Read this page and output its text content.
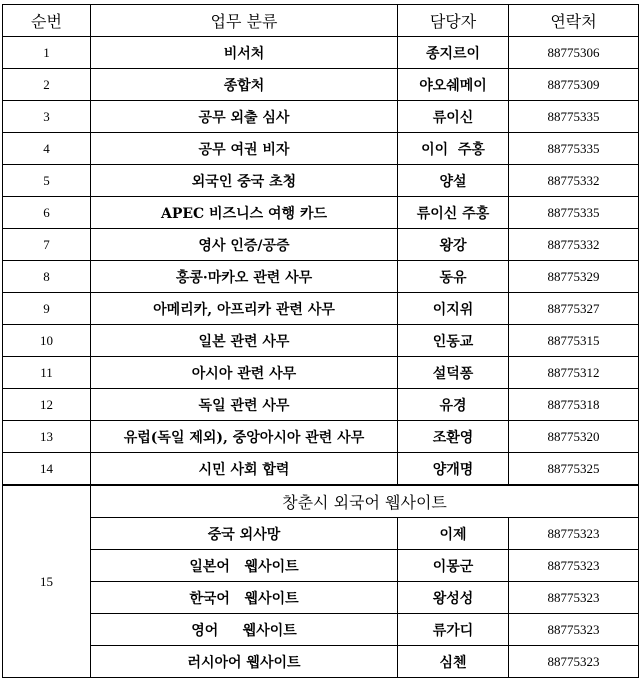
순번	업무 분류	담당자	연락처
1	비서처	종지르이	88775306
2	종합처	야오쉐메이	88775309
3	공무 외출 심사	류이신	88775335
4	공무 여권 비자	이이  주홍	88775335
5	외국인 중국 초청	양설	88775332
6	APEC 비즈니스 여행 카드	류이신 주홍	88775335
7	영사 인증/공증	왕강	88775332
8	홍콩·마카오 관련 사무	동유	88775329
9	아메리카, 아프리카 관련 사무	이지위	88775327
10	일본 관련 사무	인동교	88775315
11	아시아 관련 사무	설덕퐁	88775312
12	독일 관련 사무	유경	88775318
13	유럽(독일 제외), 중앙아시아 관련 사무	조환영	88775320
14	시민 사회 합력	양개명	88775325
15	창춘시 외국어 웹사이트		
	중국 외사망	이제	88775323
	일본어   웹사이트	이몽군	88775323
	한국어   웹사이트	왕성성	88775323
	영어     웹사이트	류가디	88775323
	러시아어 웹사이트	심첸	88775323
